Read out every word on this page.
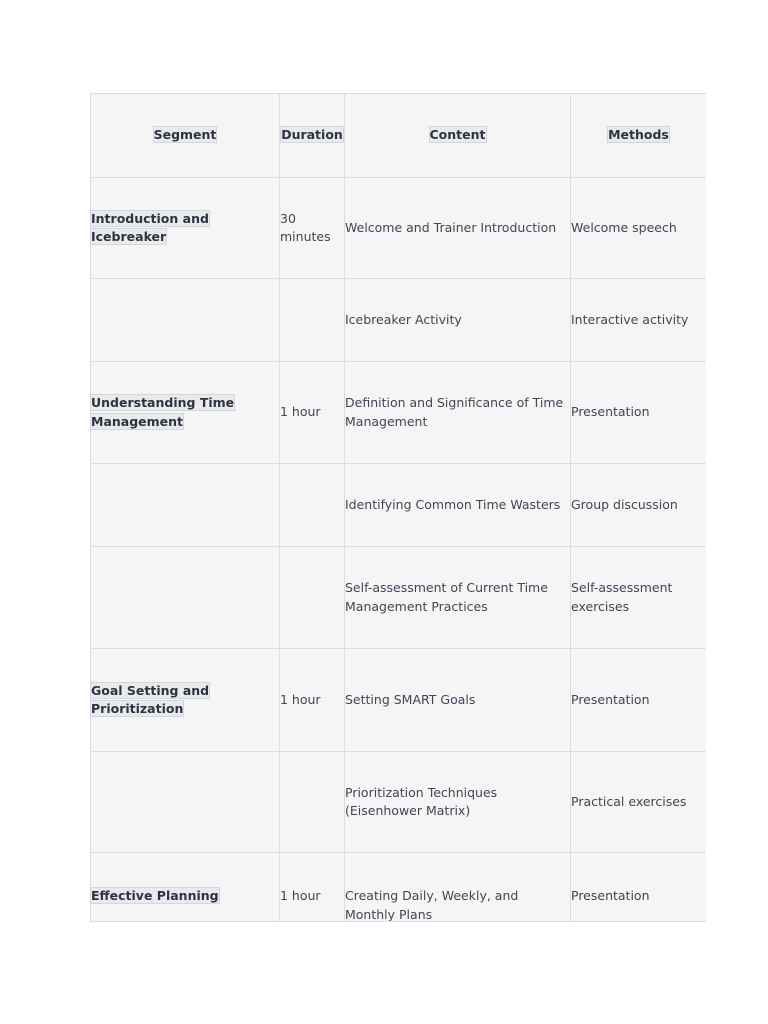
Segment	Duration	Content	Methods
Introduction and Icebreaker	30 minutes	Welcome and Trainer Introduction	Welcome speech
		Icebreaker Activity	Interactive activity
Understanding Time Management	1 hour	Definition and Significance of Time Management	Presentation
		Identifying Common Time Wasters	Group discussion
		Self-assessment of Current Time Management Practices	Self-assessment exercises
Goal Setting and Prioritization	1 hour	Setting SMART Goals	Presentation
		Prioritization Techniques (Eisenhower Matrix)	Practical exercises
Effective Planning	1 hour	Creating Daily, Weekly, and Monthly Plans	Presentation
